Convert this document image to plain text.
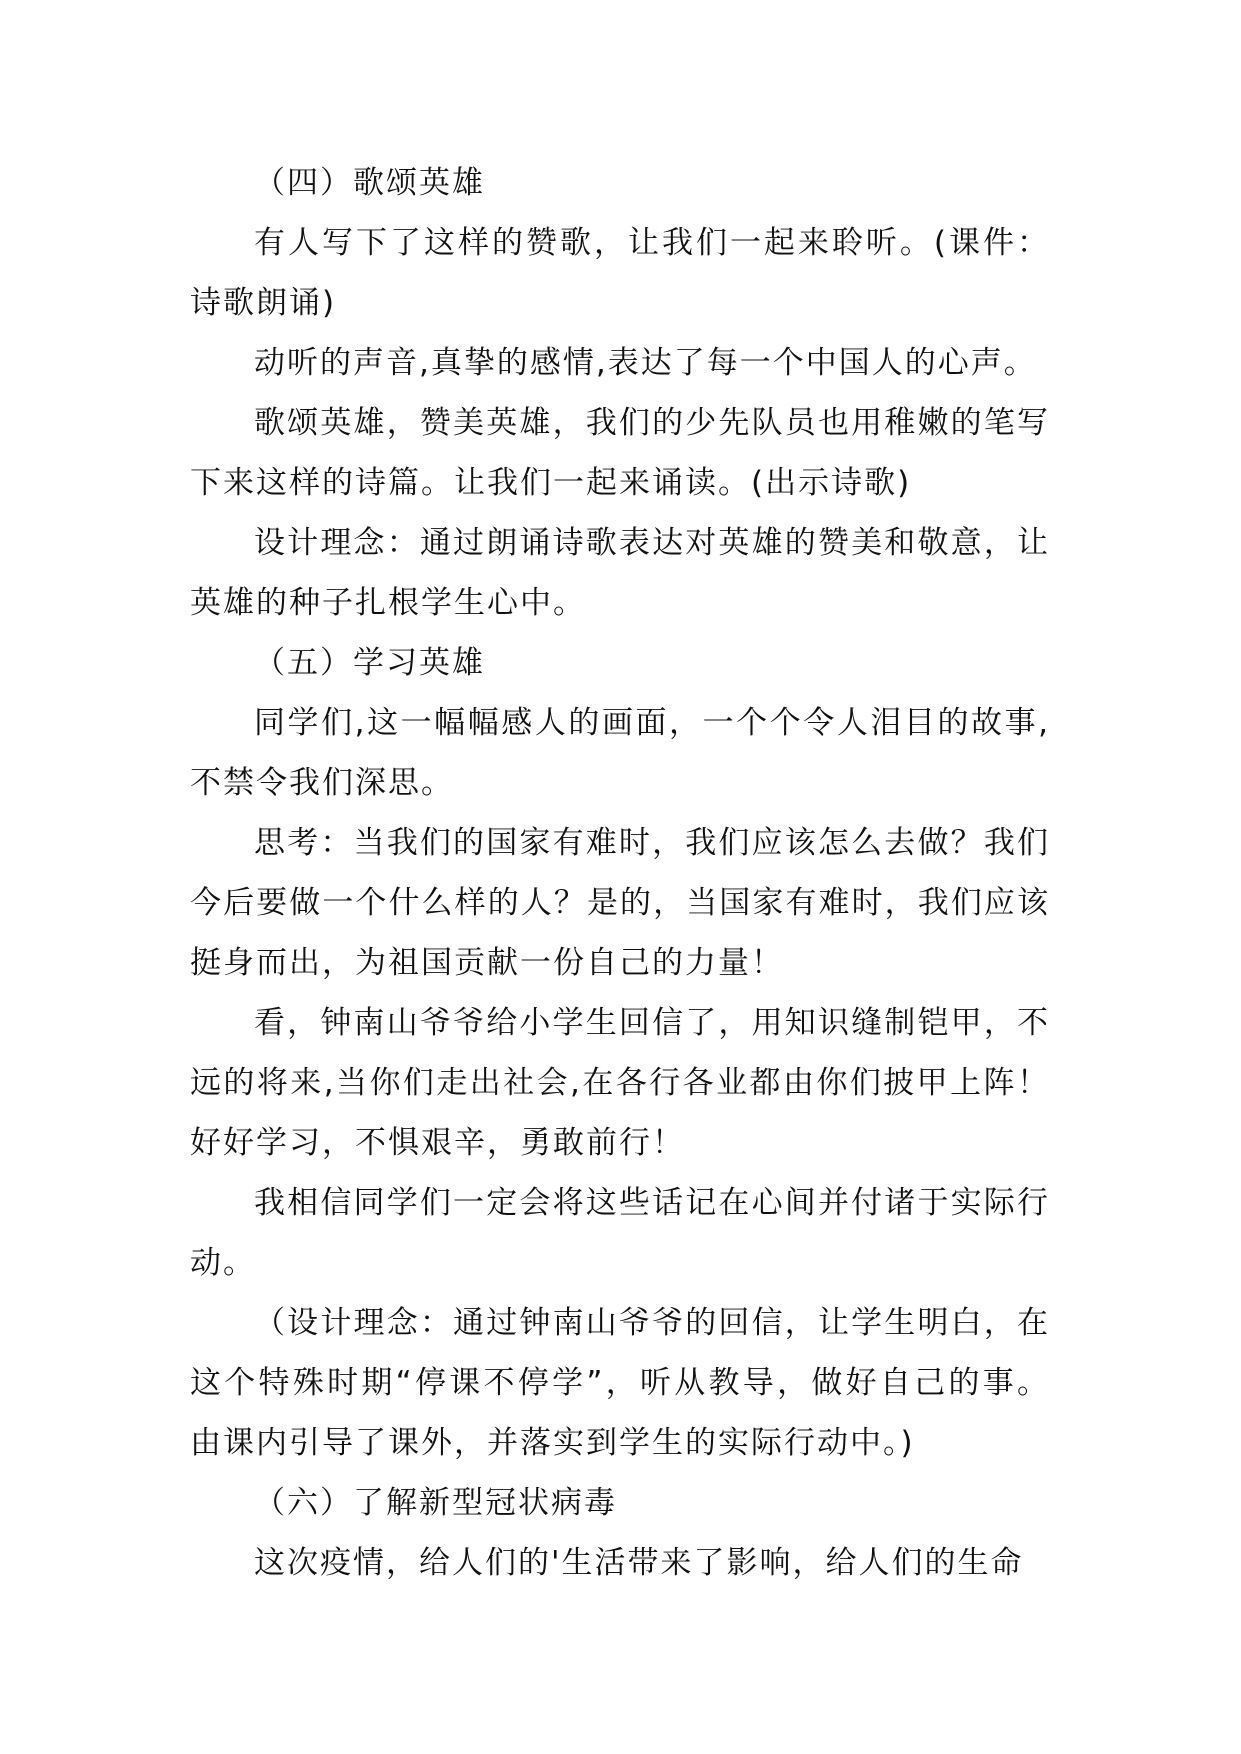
（四）歌颂英雄

有人写下了这样的赞歌，让我们一起来聆听。(课件：诗歌朗诵)

动听的声音,真挚的感情,表达了每一个中国人的心声。

歌颂英雄，赞美英雄，我们的少先队员也用稚嫩的笔写下来这样的诗篇。让我们一起来诵读。(出示诗歌)

设计理念：通过朗诵诗歌表达对英雄的赞美和敬意，让英雄的种子扎根学生心中。

（五）学习英雄

同学们,这一幅幅感人的画面，一个个令人泪目的故事,不禁令我们深思。

思考：当我们的国家有难时，我们应该怎么去做？我们今后要做一个什么样的人？是的，当国家有难时，我们应该挺身而出，为祖国贡献一份自己的力量！

看，钟南山爷爷给小学生回信了，用知识缝制铠甲，不远的将来,当你们走出社会,在各行各业都由你们披甲上阵！好好学习，不惧艰辛，勇敢前行！

我相信同学们一定会将这些话记在心间并付诸于实际行动。

（设计理念：通过钟南山爷爷的回信，让学生明白，在这个特殊时期“停课不停学”，听从教导，做好自己的事。由课内引导了课外，并落实到学生的实际行动中。)

（六）了解新型冠状病毒

这次疫情，给人们的'生活带来了影响，给人们的生命
